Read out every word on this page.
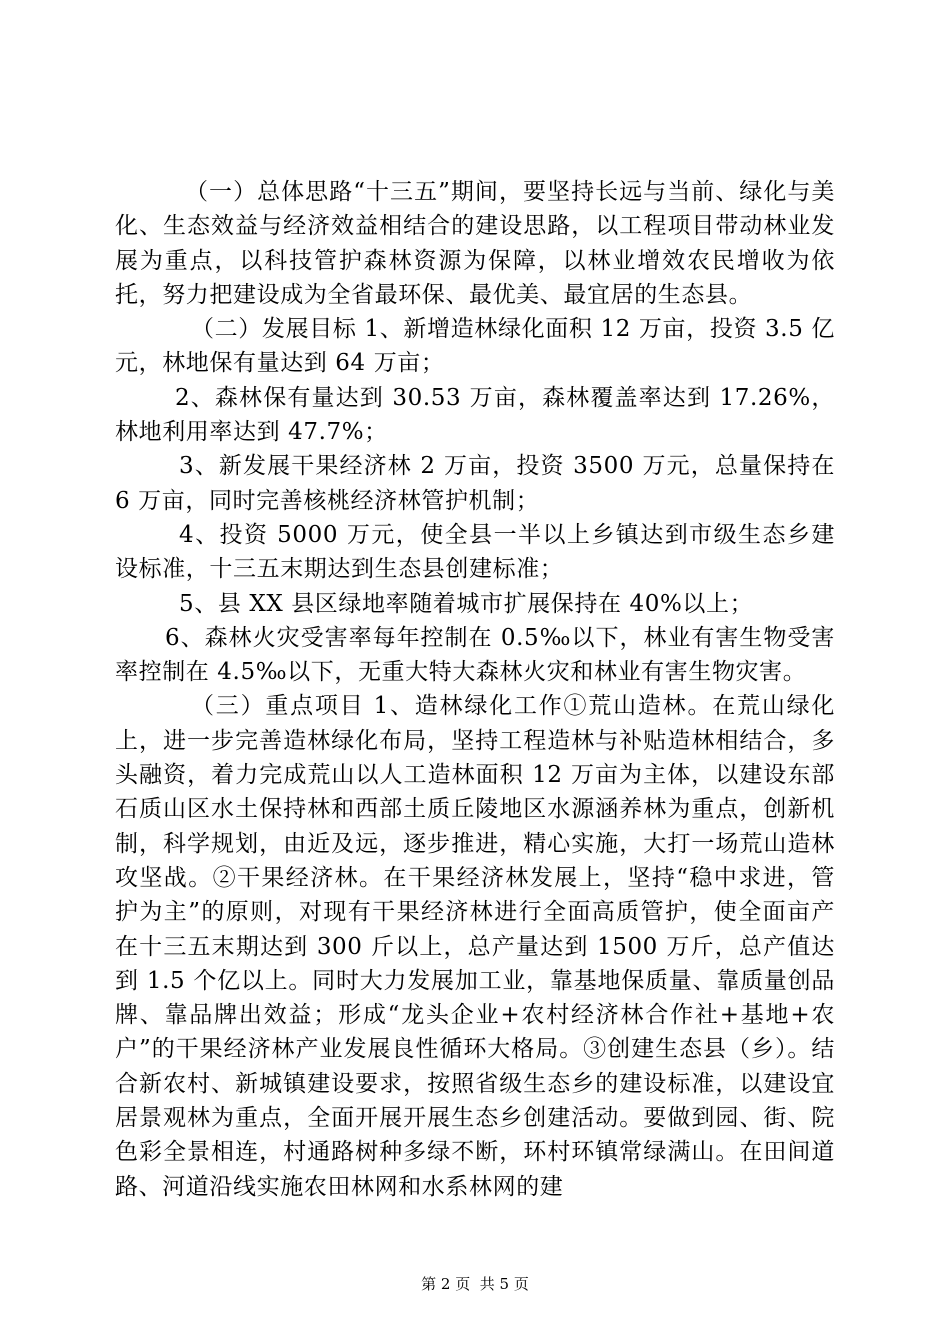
（一）总体思路“十三五”期间，要坚持长远与当前、绿化与美化、生态效益与经济效益相结合的建设思路，以工程项目带动林业发展为重点，以科技管护森林资源为保障，以林业增效农民增收为依托，努力把建设成为全省最环保、最优美、最宜居的生态县。

（二）发展目标 1、新增造林绿化面积 12 万亩，投资 3.5 亿元，林地保有量达到 64 万亩；

2、森林保有量达到 30.53 万亩，森林覆盖率达到 17.26%，林地利用率达到 47.7%；

3、新发展干果经济林 2 万亩，投资 3500 万元，总量保持在 6 万亩，同时完善核桃经济林管护机制；

4、投资 5000 万元，使全县一半以上乡镇达到市级生态乡建设标准，十三五末期达到生态县创建标准；

5、县 XX 县区绿地率随着城市扩展保持在 40%以上；

6、森林火灾受害率每年控制在 0.5‰以下，林业有害生物受害率控制在 4.5‰以下，无重大特大森林火灾和林业有害生物灾害。

（三）重点项目 1、造林绿化工作①荒山造林。在荒山绿化上，进一步完善造林绿化布局，坚持工程造林与补贴造林相结合，多头融资，着力完成荒山以人工造林面积 12 万亩为主体，以建设东部石质山区水土保持林和西部土质丘陵地区水源涵养林为重点，创新机制，科学规划，由近及远，逐步推进，精心实施，大打一场荒山造林攻坚战。②干果经济林。在干果经济林发展上，坚持“稳中求进，管护为主”的原则，对现有干果经济林进行全面高质管护，使全面亩产在十三五末期达到 300 斤以上，总产量达到 1500 万斤，总产值达到 1.5 个亿以上。同时大力发展加工业，靠基地保质量、靠质量创品牌、靠品牌出效益；形成“龙头企业+农村经济林合作社+基地+农户”的干果经济林产业发展良性循环大格局。③创建生态县（乡）。结合新农村、新城镇建设要求，按照省级生态乡的建设标准，以建设宜居景观林为重点，全面开展开展生态乡创建活动。要做到园、街、院色彩全景相连，村通路树种多绿不断，环村环镇常绿满山。在田间道路、河道沿线实施农田林网和水系林网的建

第 2 页 共 5 页
